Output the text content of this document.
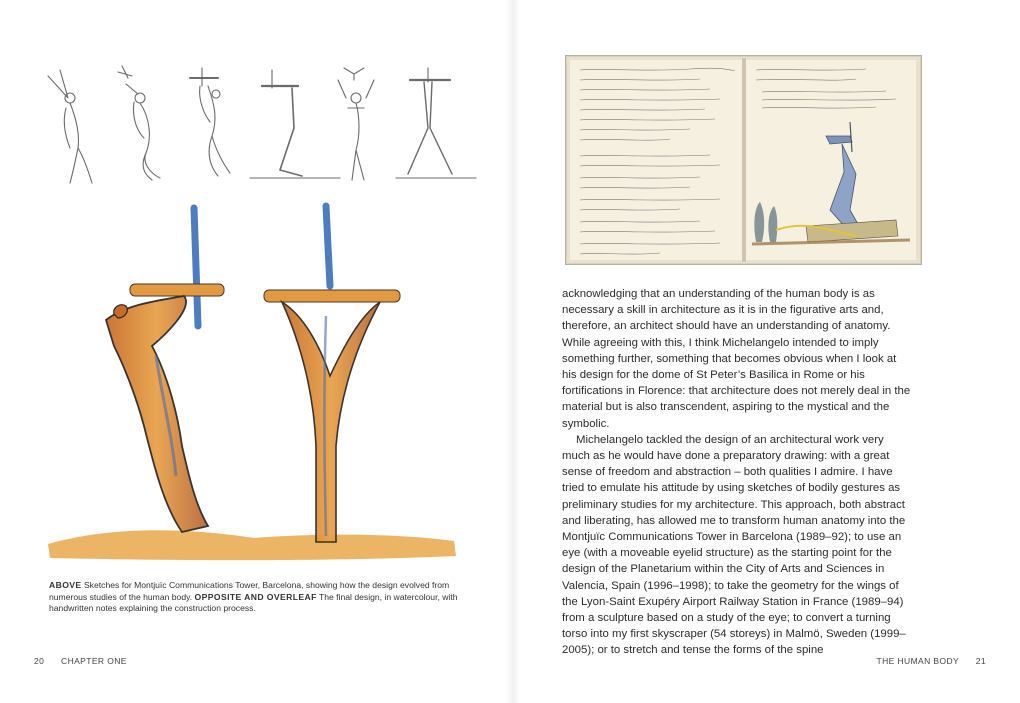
ABOVE Sketches for Montjuïc Communications Tower, Barcelona, showing how the design evolved from numerous studies of the human body. OPPOSITE AND OVERLEAF The final design, in watercolour, with handwritten notes explaining the construction process.
20 CHAPTER ONE

acknowledging that an understanding of the human body is as necessary a skill in architecture as it is in the figurative arts and, therefore, an architect should have an understanding of anatomy. While agreeing with this, I think Michelangelo intended to imply something further, something that becomes obvious when I look at his design for the dome of St Peter’s Basilica in Rome or his fortifications in Florence: that architecture does not merely deal in the material but is also transcendent, aspiring to the mystical and the symbolic.

Michelangelo tackled the design of an architectural work very much as he would have done a preparatory drawing: with a great sense of freedom and abstraction – both qualities I admire. I have tried to emulate his attitude by using sketches of bodily gestures as preliminary studies for my architecture. This approach, both abstract and liberating, has allowed me to transform human anatomy into the Montjuïc Communications Tower in Barcelona (1989–92); to use an eye (with a moveable eyelid structure) as the starting point for the design of the Planetarium within the City of Arts and Sciences in Valencia, Spain (1996–1998); to take the geometry for the wings of the Lyon-Saint Exupéry Airport Railway Station in France (1989–94) from a sculpture based on a study of the eye; to convert a turning torso into my first skyscraper (54 storeys) in Malmö, Sweden (1999–2005); or to stretch and tense the forms of the spine

THE HUMAN BODY 21
